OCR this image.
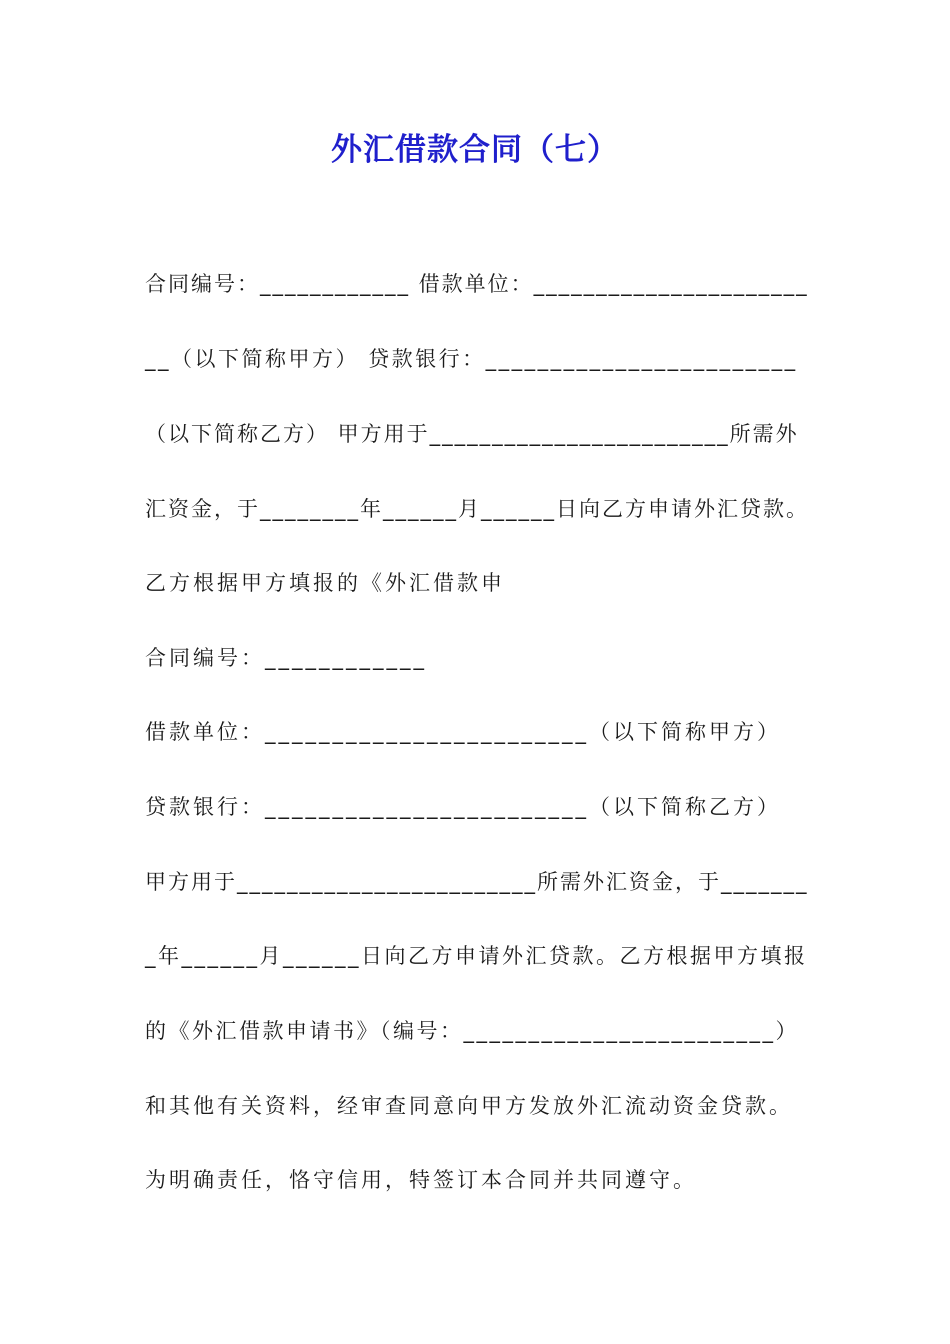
外汇借款合同（七）
合同编号：____________ 借款单位：______________________
__（以下简称甲方） 贷款银行：________________________
（以下简称乙方） 甲方用于________________________所需外
汇资金，于________年______月______日向乙方申请外汇贷款。
乙方根据甲方填报的《外汇借款申
合同编号：____________
借款单位：________________________（以下简称甲方）
贷款银行：________________________（以下简称乙方）
甲方用于________________________所需外汇资金，于_______
_年______月______日向乙方申请外汇贷款。乙方根据甲方填报
的《外汇借款申请书》（编号：________________________）
和其他有关资料，经审查同意向甲方发放外汇流动资金贷款。
为明确责任，恪守信用，特签订本合同并共同遵守。
